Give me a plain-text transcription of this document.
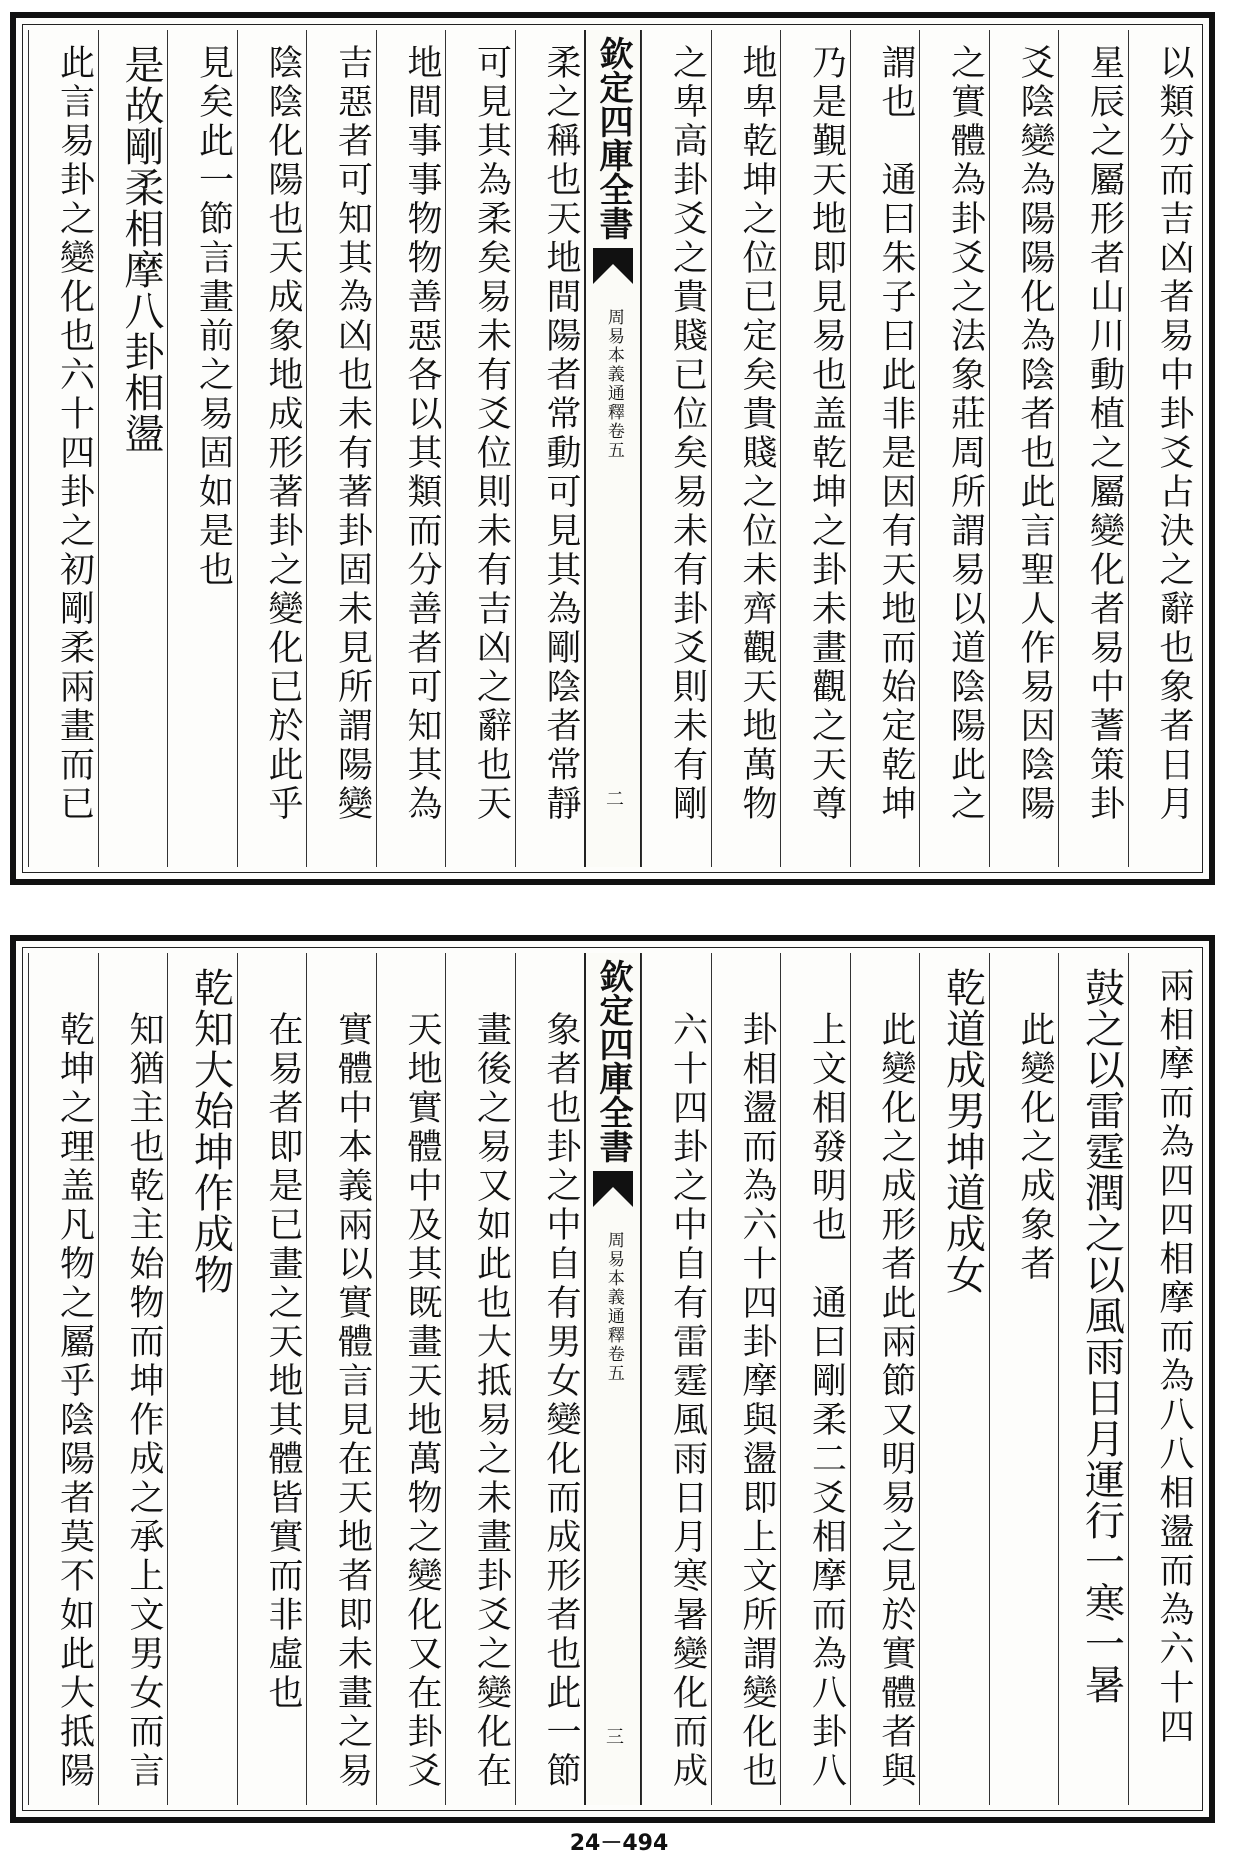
以類分而吉凶者易中卦爻占決之辭也象者日月
星辰之屬形者山川動植之屬變化者易中蓍策卦
爻陰變為陽陽化為陰者也此言聖人作易因陰陽
之實體為卦爻之法象莊周所謂易以道陰陽此之
謂也　通曰朱子曰此非是因有天地而始定乾坤
乃是覲天地即見易也盖乾坤之卦未畫觀之天尊
地卑乾坤之位已定矣貴賤之位未齊觀天地萬物
之卑高卦爻之貴賤已位矣易未有卦爻則未有剛
欽定四庫全書
周易本義通釋
卷五
二
柔之稱也天地間陽者常動可見其為剛陰者常靜
可見其為柔矣易未有爻位則未有吉凶之辭也天
地間事事物物善惡各以其類而分善者可知其為
吉惡者可知其為凶也未有著卦固未見所謂陽變
陰陰化陽也天成象地成形著卦之變化已於此乎
見矣此一節言畫前之易固如是也
是故剛柔相摩八卦相盪
此言易卦之變化也六十四卦之初剛柔兩畫而已
兩相摩而為四四相摩而為八八相盪而為六十四
鼓之以雷霆潤之以風雨日月運行一寒一暑
此變化之成象者
乾道成男坤道成女
此變化之成形者此兩節又明易之見於實體者與
上文相發明也　通曰剛柔二爻相摩而為八卦八
卦相盪而為六十四卦摩與盪即上文所謂變化也
六十四卦之中自有雷霆風雨日月寒暑變化而成
欽定四庫全書
周易本義通釋
卷五
三
象者也卦之中自有男女變化而成形者也此一節
畫後之易又如此也大抵易之未畫卦爻之變化在
天地實體中及其既畫天地萬物之變化又在卦爻
實體中本義兩以實體言見在天地者即未畫之易
在易者即是已畫之天地其體皆實而非虛也
乾知大始坤作成物
知猶主也乾主始物而坤作成之承上文男女而言
乾坤之理盖凡物之屬乎陰陽者莫不如此大抵陽
24－494
